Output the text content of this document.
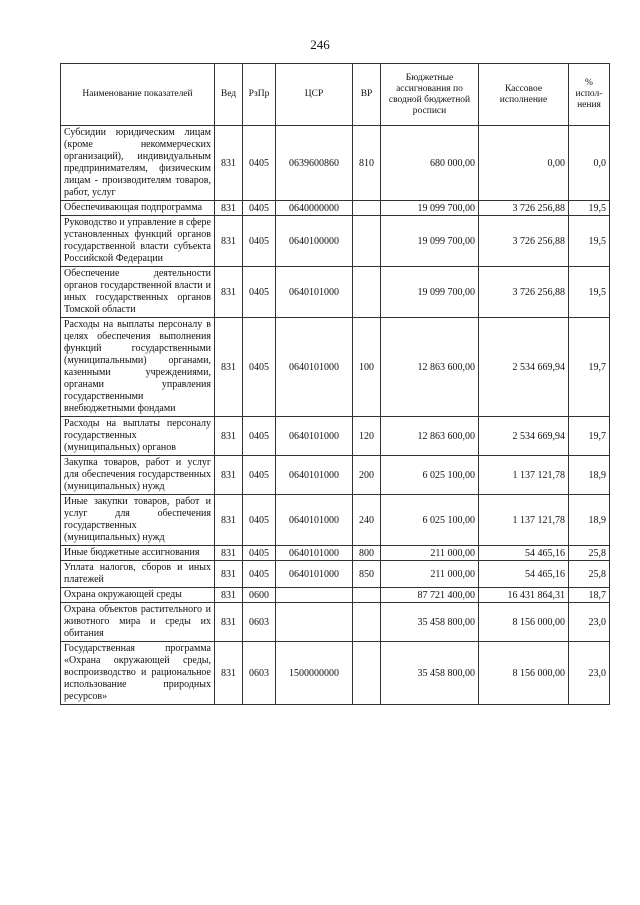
246
Наименование показателей	Вед	РзПр	ЦСР	ВР	Бюджетные ассигнования по сводной бюджетной росписи	Кассовое исполнение	% испол-нения
Субсидии юридическим лицам (кроме некоммерческих организаций), индивидуальным предпринимателям, физическим лицам - производителям товаров, работ, услуг	831	0405	0639600860	810	680 000,00	0,00	0,0
Обеспечивающая подпрограмма	831	0405	0640000000		19 099 700,00	3 726 256,88	19,5
Руководство и управление в сфере установленных функций органов государственной власти субъекта Российской Федерации	831	0405	0640100000		19 099 700,00	3 726 256,88	19,5
Обеспечение деятельности органов государственной власти и иных государственных органов Томской области	831	0405	0640101000		19 099 700,00	3 726 256,88	19,5
Расходы на выплаты персоналу в целях обеспечения выполнения функций государственными (муниципальными) органами, казенными учреждениями, органами управления государственными внебюджетными фондами	831	0405	0640101000	100	12 863 600,00	2 534 669,94	19,7
Расходы на выплаты персоналу государственных (муниципальных) органов	831	0405	0640101000	120	12 863 600,00	2 534 669,94	19,7
Закупка товаров, работ и услуг для обеспечения государственных (муниципальных) нужд	831	0405	0640101000	200	6 025 100,00	1 137 121,78	18,9
Иные закупки товаров, работ и услуг для обеспечения государственных (муниципальных) нужд	831	0405	0640101000	240	6 025 100,00	1 137 121,78	18,9
Иные бюджетные ассигнования	831	0405	0640101000	800	211 000,00	54 465,16	25,8
Уплата налогов, сборов и иных платежей	831	0405	0640101000	850	211 000,00	54 465,16	25,8
Охрана окружающей среды	831	0600			87 721 400,00	16 431 864,31	18,7
Охрана объектов растительного и животного мира и среды их обитания	831	0603			35 458 800,00	8 156 000,00	23,0
Государственная программа «Охрана окружающей среды, воспроизводство и рациональное использование природных ресурсов»	831	0603	1500000000		35 458 800,00	8 156 000,00	23,0
